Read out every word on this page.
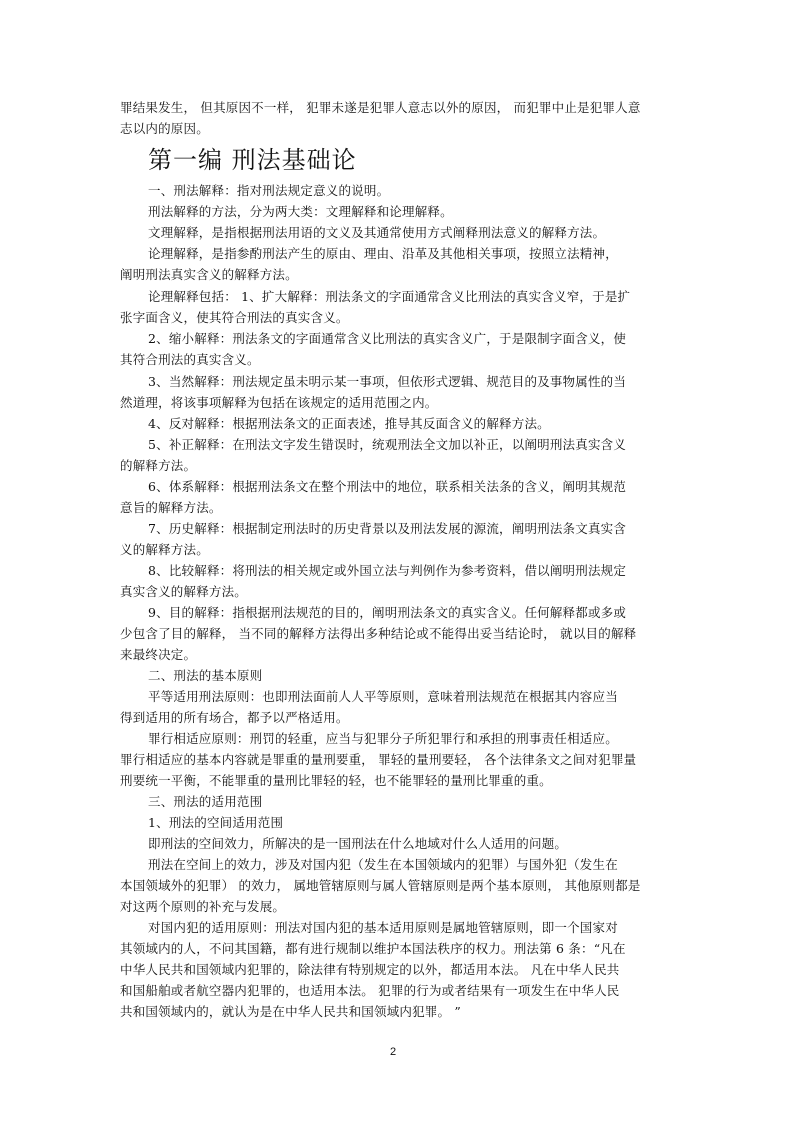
罪结果发生， 但其原因不一样， 犯罪未遂是犯罪人意志以外的原因， 而犯罪中止是犯罪人意
志以内的原因。
第一编 刑法基础论
一、刑法解释：指对刑法规定意义的说明。
刑法解释的方法，分为两大类：文理解释和论理解释。
文理解释，是指根据刑法用语的文义及其通常使用方式阐释刑法意义的解释方法。
论理解释，是指参酌刑法产生的原由、理由、沿革及其他相关事项，按照立法精神，
阐明刑法真实含义的解释方法。
论理解释包括： 1、扩大解释：刑法条文的字面通常含义比刑法的真实含义窄，于是扩
张字面含义，使其符合刑法的真实含义。
2、缩小解释：刑法条文的字面通常含义比刑法的真实含义广，于是限制字面含义，使
其符合刑法的真实含义。
3、当然解释：刑法规定虽未明示某一事项，但依形式逻辑、规范目的及事物属性的当
然道理，将该事项解释为包括在该规定的适用范围之内。
4、反对解释：根据刑法条文的正面表述，推导其反面含义的解释方法。
5、补正解释：在刑法文字发生错误时，统观刑法全文加以补正，以阐明刑法真实含义
的解释方法。
6、体系解释：根据刑法条文在整个刑法中的地位，联系相关法条的含义，阐明其规范
意旨的解释方法。
7、历史解释：根据制定刑法时的历史背景以及刑法发展的源流，阐明刑法条文真实含
义的解释方法。
8、比较解释：将刑法的相关规定或外国立法与判例作为参考资料，借以阐明刑法规定
真实含义的解释方法。
9、目的解释：指根据刑法规范的目的，阐明刑法条文的真实含义。任何解释都或多或
少包含了目的解释， 当不同的解释方法得出多种结论或不能得出妥当结论时， 就以目的解释
来最终决定。
二、刑法的基本原则
平等适用刑法原则：也即刑法面前人人平等原则，意味着刑法规范在根据其内容应当
得到适用的所有场合，都予以严格适用。
罪行相适应原则：刑罚的轻重，应当与犯罪分子所犯罪行和承担的刑事责任相适应。
罪行相适应的基本内容就是罪重的量刑要重， 罪轻的量刑要轻， 各个法律条文之间对犯罪量
刑要统一平衡，不能罪重的量刑比罪轻的轻，也不能罪轻的量刑比罪重的重。
三、刑法的适用范围
1、刑法的空间适用范围
即刑法的空间效力，所解决的是一国刑法在什么地域对什么人适用的问题。
刑法在空间上的效力，涉及对国内犯（发生在本国领域内的犯罪）与国外犯（发生在
本国领域外的犯罪） 的效力， 属地管辖原则与属人管辖原则是两个基本原则， 其他原则都是
对这两个原则的补充与发展。
对国内犯的适用原则：刑法对国内犯的基本适用原则是属地管辖原则，即一个国家对
其领域内的人，不问其国籍，都有进行规制以维护本国法秩序的权力。刑法第 6 条：“凡在
中华人民共和国领域内犯罪的，除法律有特别规定的以外，都适用本法。 凡在中华人民共
和国船舶或者航空器内犯罪的，也适用本法。 犯罪的行为或者结果有一项发生在中华人民
共和国领域内的，就认为是在中华人民共和国领域内犯罪。 ”
2
